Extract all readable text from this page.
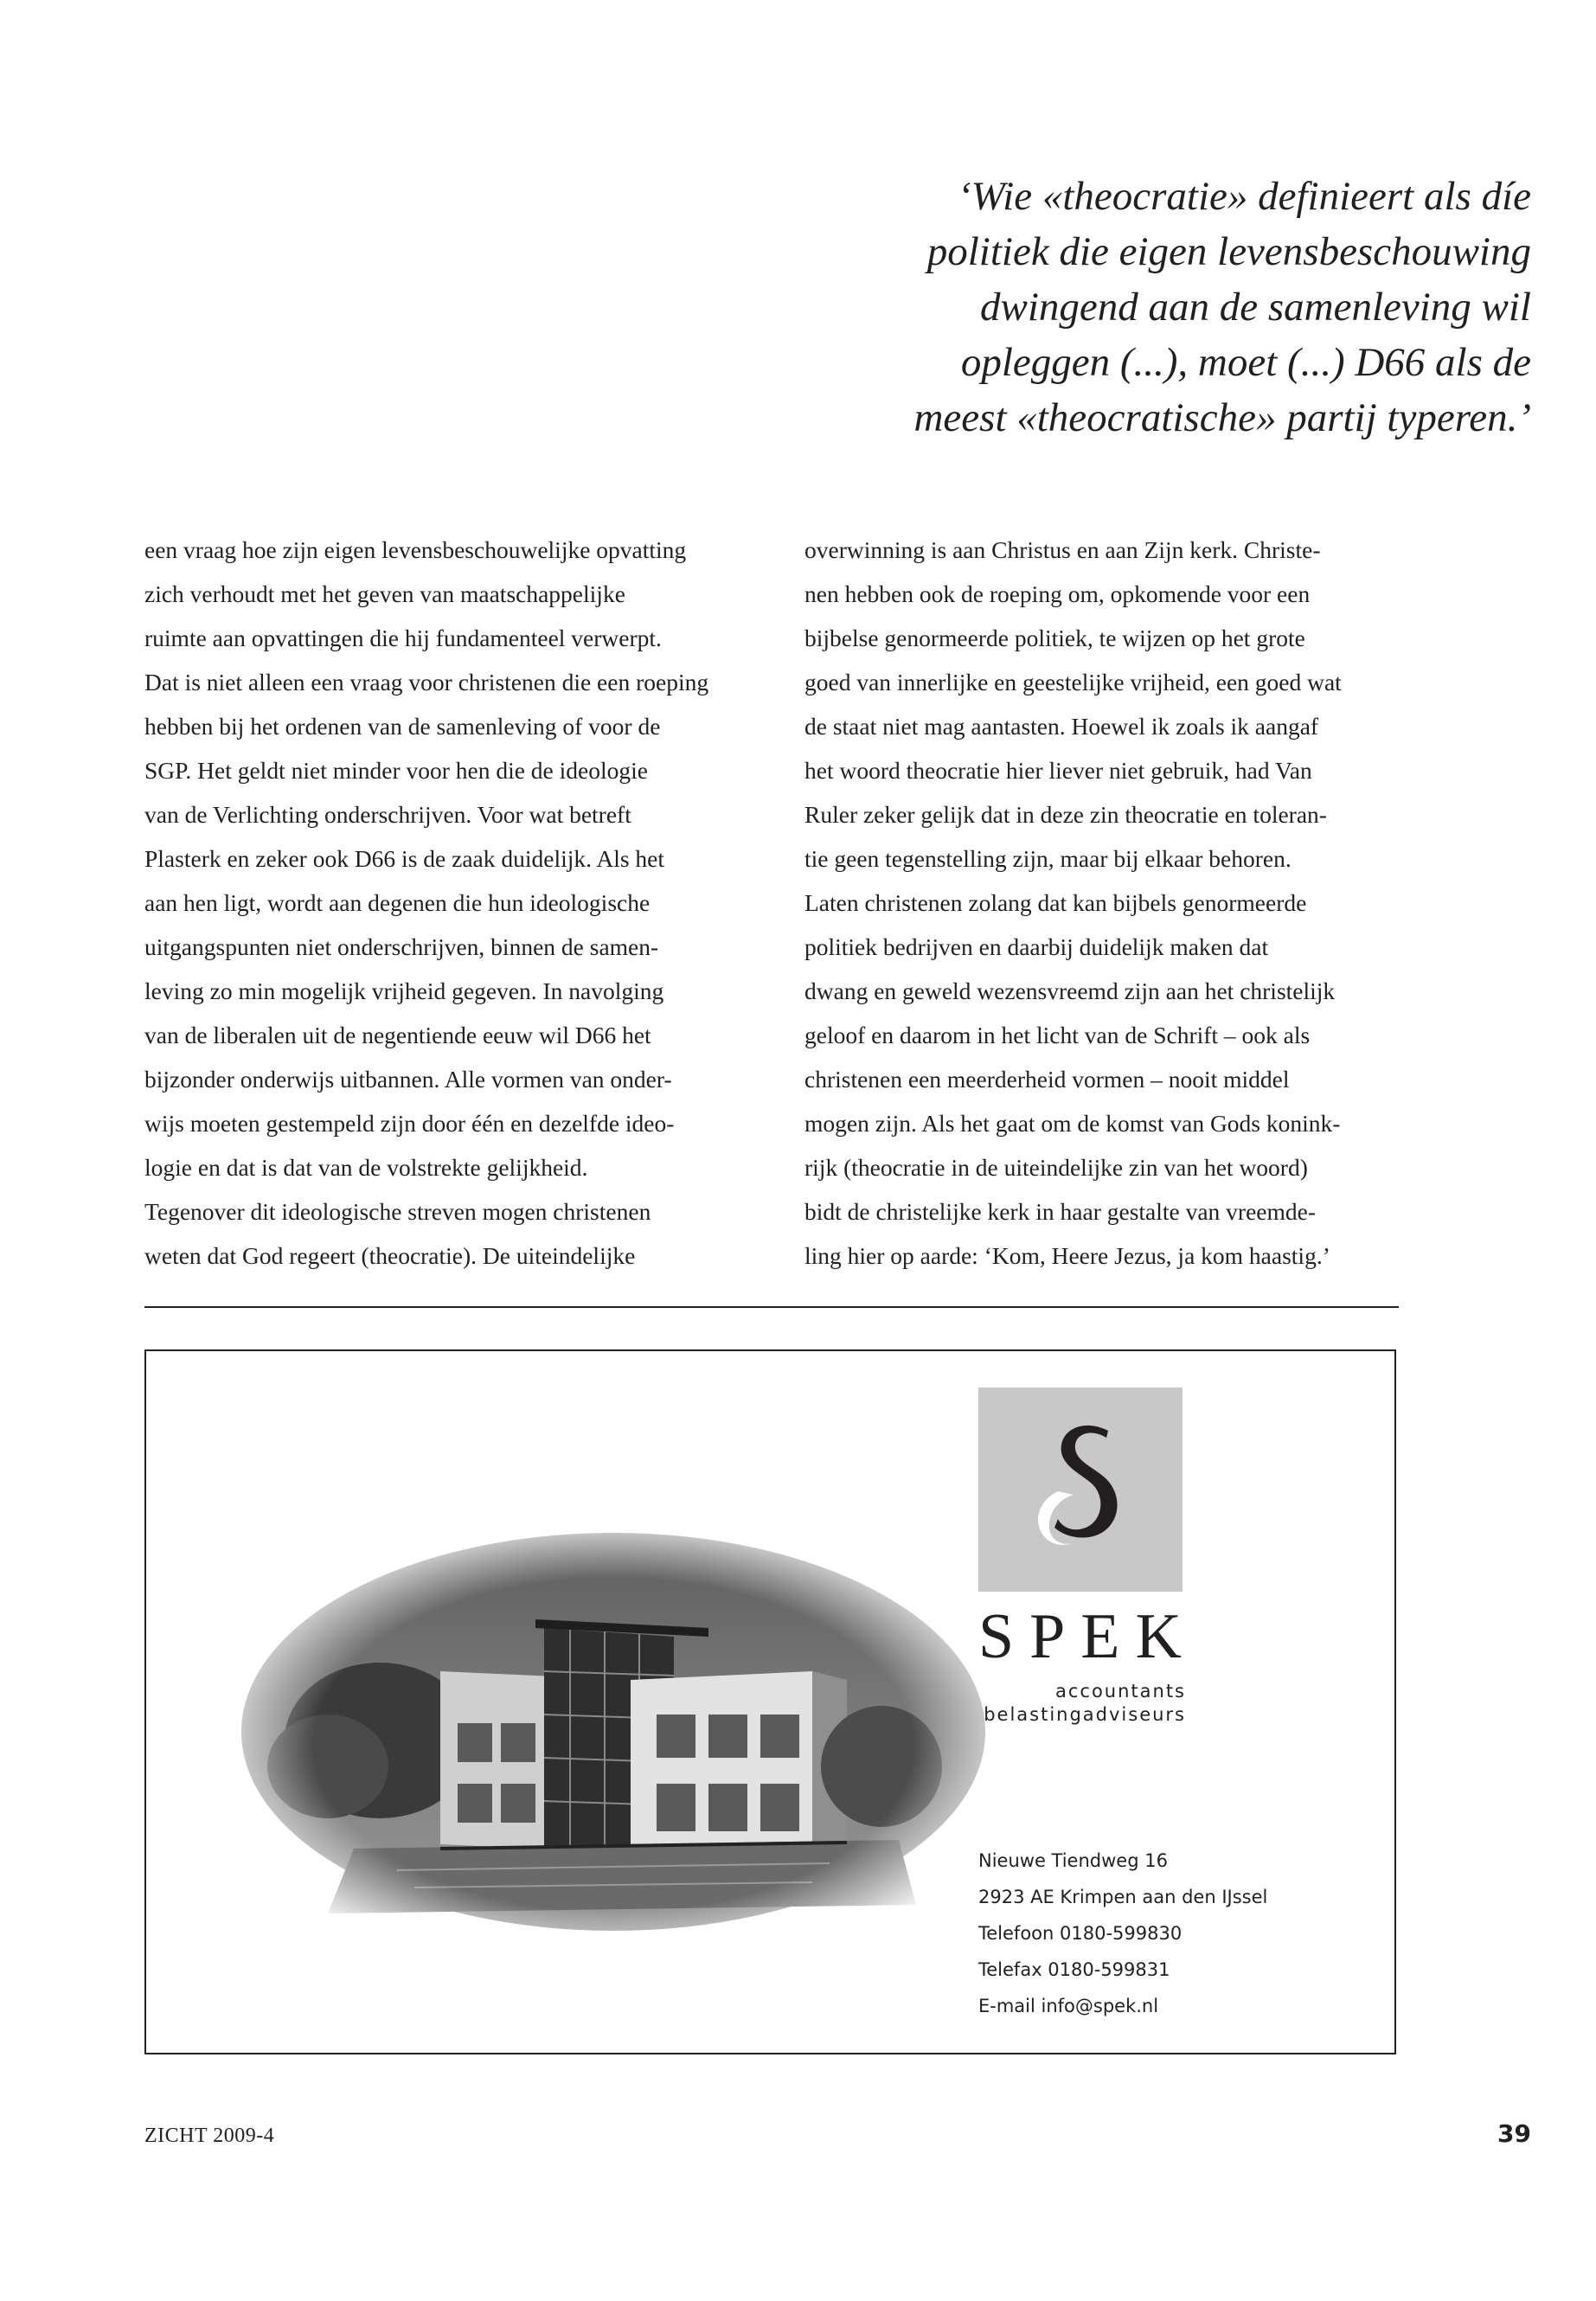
‘Wie «theocratie» definieert als díe
politiek die eigen levensbeschouwing
dwingend aan de samenleving wil
opleggen (...), moet (...) D66 als de
meest «theocratische» partij typeren.’
een vraag hoe zijn eigen levensbeschouwelijke opvatting
zich verhoudt met het geven van maatschappelijke
ruimte aan opvattingen die hij fundamenteel verwerpt.
Dat is niet alleen een vraag voor christenen die een roeping
hebben bij het ordenen van de samenleving of voor de
SGP. Het geldt niet minder voor hen die de ideologie
van de Verlichting onderschrijven. Voor wat betreft
Plasterk en zeker ook D66 is de zaak duidelijk. Als het
aan hen ligt, wordt aan degenen die hun ideologische
uitgangspunten niet onderschrijven, binnen de samen-
leving zo min mogelijk vrijheid gegeven. In navolging
van de liberalen uit de negentiende eeuw wil D66 het
bijzonder onderwijs uitbannen. Alle vormen van onder-
wijs moeten gestempeld zijn door één en dezelfde ideo-
logie en dat is dat van de volstrekte gelijkheid.
Tegenover dit ideologische streven mogen christenen
weten dat God regeert (theocratie). De uiteindelijke
overwinning is aan Christus en aan Zijn kerk. Christe-
nen hebben ook de roeping om, opkomende voor een
bijbelse genormeerde politiek, te wijzen op het grote
goed van innerlijke en geestelijke vrijheid, een goed wat
de staat niet mag aantasten. Hoewel ik zoals ik aangaf
het woord theocratie hier liever niet gebruik, had Van
Ruler zeker gelijk dat in deze zin theocratie en toleran-
tie geen tegenstelling zijn, maar bij elkaar behoren.
Laten christenen zolang dat kan bijbels genormeerde
politiek bedrijven en daarbij duidelijk maken dat
dwang en geweld wezensvreemd zijn aan het christelijk
geloof en daarom in het licht van de Schrift – ook als
christenen een meerderheid vormen – nooit middel
mogen zijn. Als het gaat om de komst van Gods konink-
rijk (theocratie in de uiteindelijke zin van het woord)
bidt de christelijke kerk in haar gestalte van vreemde-
ling hier op aarde: ‘Kom, Heere Jezus, ja kom haastig.’
SPEK
accountants
belastingadviseurs
Nieuwe Tiendweg 16
2923 AE Krimpen aan den IJssel
Telefoon 0180-599830
Telefax 0180-599831
E-mail info@spek.nl
ZICHT 2009-4	39
